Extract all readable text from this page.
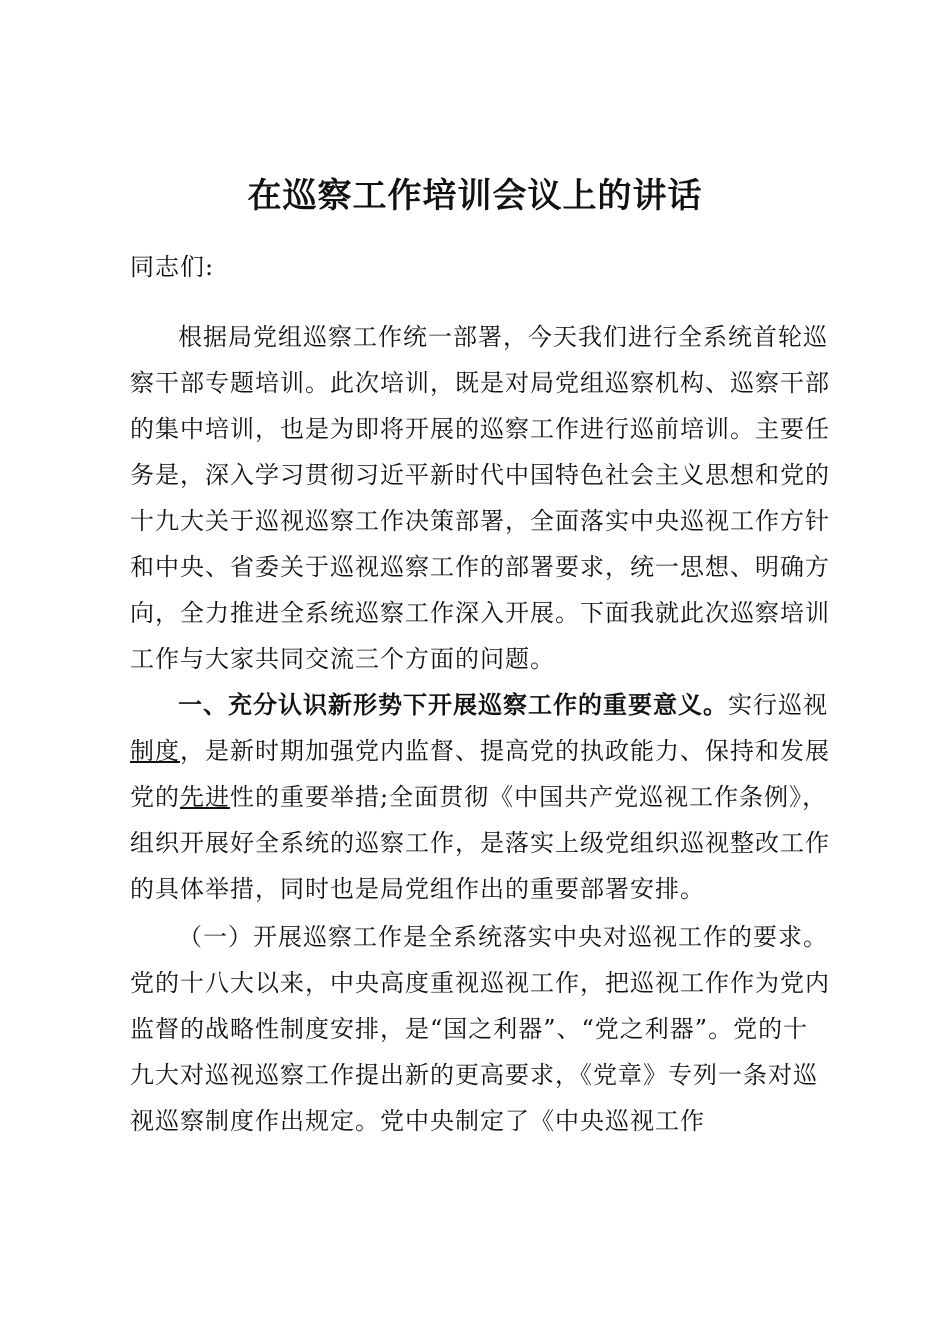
在巡察工作培训会议上的讲话

同志们:

根据局党组巡察工作统一部署，今天我们进行全系统首轮巡察干部专题培训。此次培训，既是对局党组巡察机构、巡察干部的集中培训，也是为即将开展的巡察工作进行巡前培训。主要任务是，深入学习贯彻习近平新时代中国特色社会主义思想和党的十九大关于巡视巡察工作决策部署，全面落实中央巡视工作方针和中央、省委关于巡视巡察工作的部署要求，统一思想、明确方向，全力推进全系统巡察工作深入开展。下面我就此次巡察培训工作与大家共同交流三个方面的问题。

一、充分认识新形势下开展巡察工作的重要意义。实行巡视制度，是新时期加强党内监督、提高党的执政能力、保持和发展党的先进性的重要举措;全面贯彻《中国共产党巡视工作条例》，组织开展好全系统的巡察工作，是落实上级党组织巡视整改工作的具体举措，同时也是局党组作出的重要部署安排。

（一）开展巡察工作是全系统落实中央对巡视工作的要求。党的十八大以来，中央高度重视巡视工作，把巡视工作作为党内监督的战略性制度安排，是“国之利器”、“党之利器”。党的十九大对巡视巡察工作提出新的更高要求，《党章》专列一条对巡视巡察制度作出规定。党中央制定了《中央巡视工作
